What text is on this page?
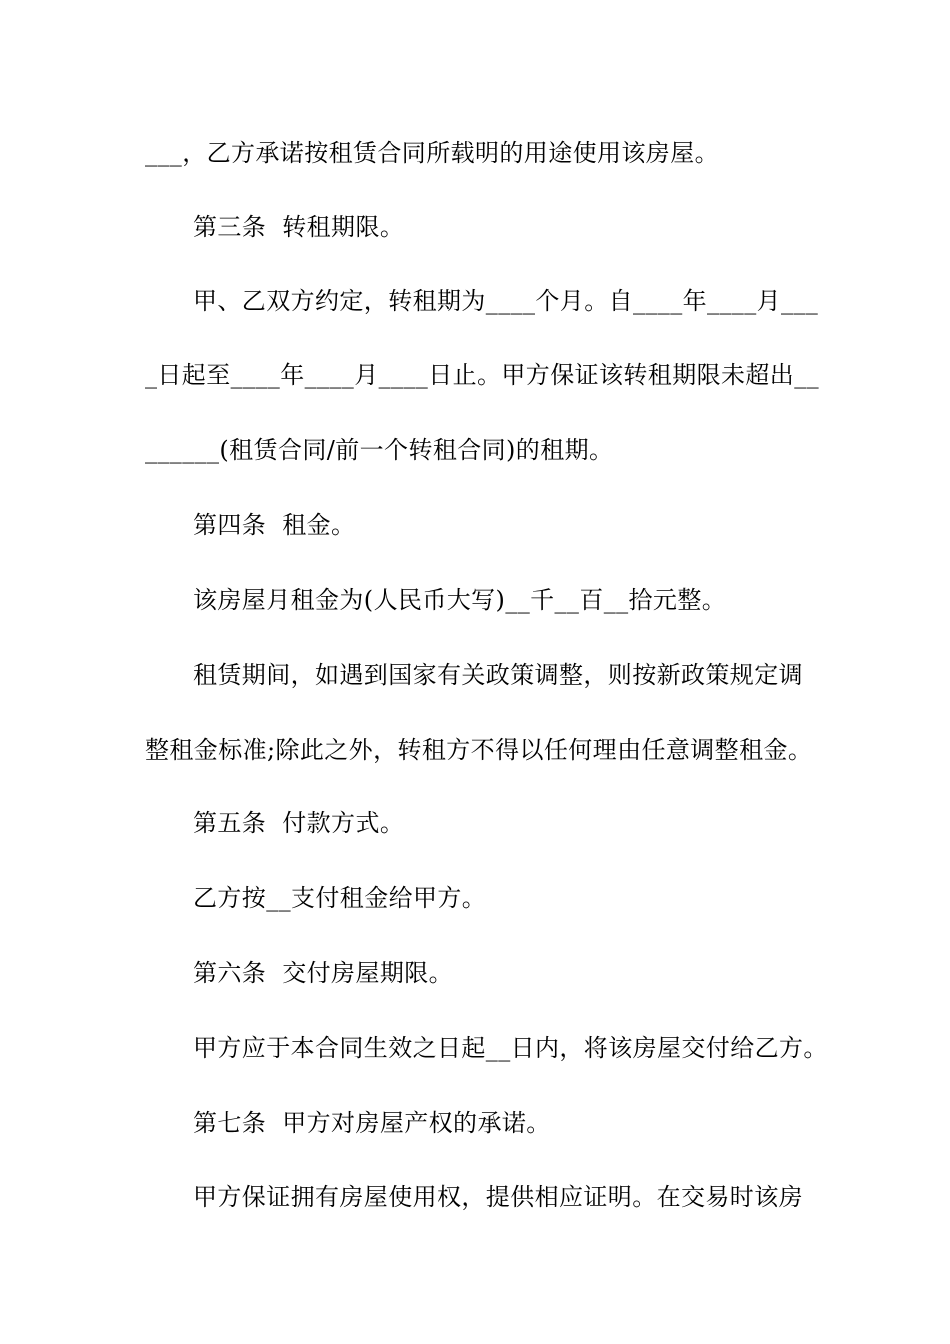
___，乙方承诺按租赁合同所载明的用途使用该房屋。
第三条  转租期限。
甲、乙双方约定，转租期为____个月。自____年____月___
_日起至____年____月____日止。甲方保证该转租期限未超出__
______(租赁合同/前一个转租合同)的租期。
第四条  租金。
该房屋月租金为(人民币大写)__千__百__拾元整。
租赁期间，如遇到国家有关政策调整，则按新政策规定调
整租金标准;除此之外，转租方不得以任何理由任意调整租金。
第五条  付款方式。
乙方按__支付租金给甲方。
第六条  交付房屋期限。
甲方应于本合同生效之日起__日内，将该房屋交付给乙方。
第七条  甲方对房屋产权的承诺。
甲方保证拥有房屋使用权，提供相应证明。在交易时该房
